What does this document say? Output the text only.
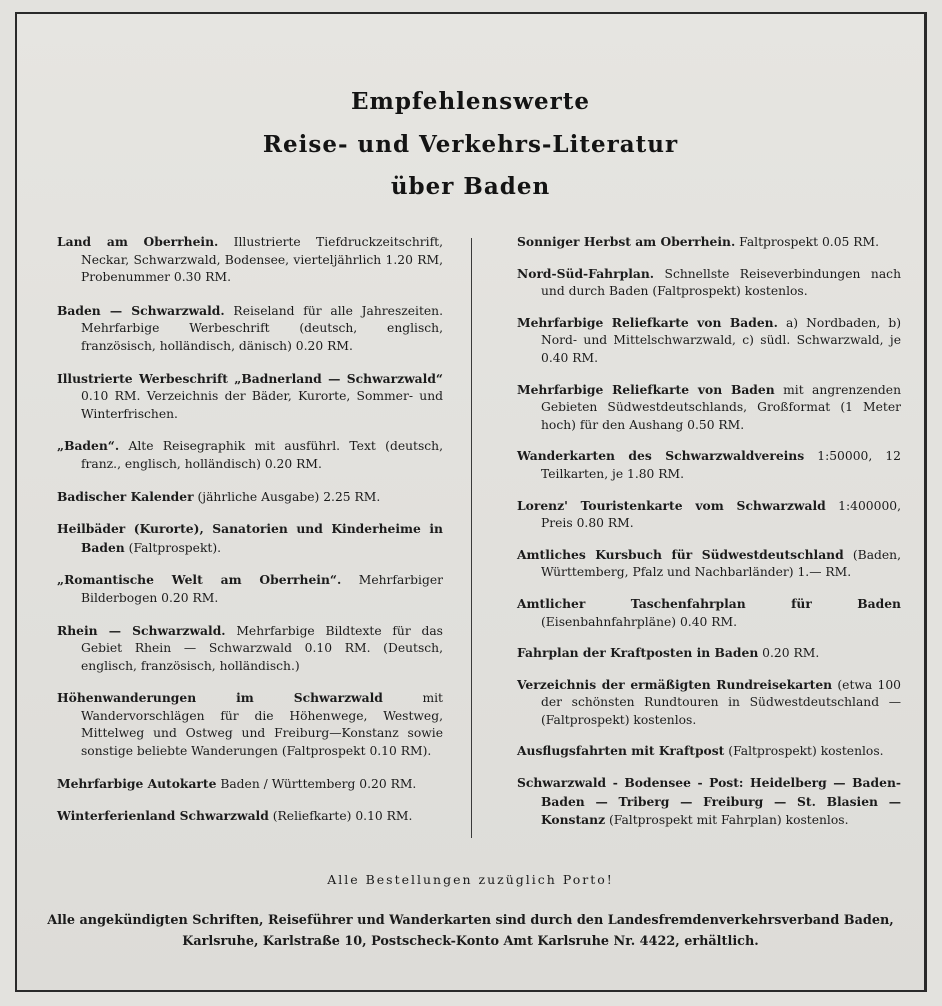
Empfehlenswerte
Reise- und Verkehrs-Literatur
über Baden
Land am Oberrhein. Illustrierte Tiefdruckzeitschrift, Neckar, Schwarzwald, Bodensee, vierteljährlich 1.20 RM, Probenummer 0.30 RM.
Baden — Schwarzwald. Reiseland für alle Jahreszeiten. Mehrfarbige Werbeschrift (deutsch, englisch, französisch, holländisch, dänisch) 0.20 RM.
Illustrierte Werbeschrift „Badnerland — Schwarzwald“ 0.10 RM. Verzeichnis der Bäder, Kurorte, Sommer- und Winterfrischen.
„Baden“. Alte Reisegraphik mit ausführl. Text (deutsch, franz., englisch, holländisch) 0.20 RM.
Badischer Kalender (jährliche Ausgabe) 2.25 RM.
Heilbäder (Kurorte), Sanatorien und Kinderheime in Baden (Faltprospekt).
„Romantische Welt am Oberrhein“. Mehrfarbiger Bilderbogen 0.20 RM.
Rhein — Schwarzwald. Mehrfarbige Bildtexte für das Gebiet Rhein — Schwarzwald 0.10 RM. (Deutsch, englisch, französisch, holländisch.)
Höhenwanderungen im Schwarzwald mit Wandervorschlägen für die Höhenwege, Westweg, Mittelweg und Ostweg und Freiburg—Konstanz sowie sonstige beliebte Wanderungen (Faltprospekt 0.10 RM).
Mehrfarbige Autokarte Baden / Württemberg 0.20 RM.
Winterferienland Schwarzwald (Reliefkarte) 0.10 RM.
Sonniger Herbst am Oberrhein. Faltprospekt 0.05 RM.
Nord-Süd-Fahrplan. Schnellste Reiseverbindungen nach und durch Baden (Faltprospekt) kostenlos.
Mehrfarbige Reliefkarte von Baden. a) Nordbaden, b) Nord- und Mittelschwarzwald, c) südl. Schwarzwald, je 0.40 RM.
Mehrfarbige Reliefkarte von Baden mit angrenzenden Gebieten Südwestdeutschlands, Großformat (1 Meter hoch) für den Aushang 0.50 RM.
Wanderkarten des Schwarzwaldvereins 1:50000, 12 Teilkarten, je 1.80 RM.
Lorenz' Touristenkarte vom Schwarzwald 1:400000, Preis 0.80 RM.
Amtliches Kursbuch für Südwestdeutschland (Baden, Württemberg, Pfalz und Nachbarländer) 1.— RM.
Amtlicher Taschenfahrplan für Baden (Eisenbahnfahrpläne) 0.40 RM.
Fahrplan der Kraftposten in Baden 0.20 RM.
Verzeichnis der ermäßigten Rundreisekarten (etwa 100 der schönsten Rundtouren in Südwestdeutschland — (Faltprospekt) kostenlos.
Ausflugsfahrten mit Kraftpost (Faltprospekt) kostenlos.
Schwarzwald - Bodensee - Post: Heidelberg — Baden-Baden — Triberg — Freiburg — St. Blasien — Konstanz (Faltprospekt mit Fahrplan) kostenlos.
Alle Bestellungen zuzüglich Porto!
Alle angekündigten Schriften, Reiseführer und Wanderkarten sind durch den Landesfremdenverkehrsverband Baden,
Karlsruhe, Karlstraße 10, Postscheck-Konto Amt Karlsruhe Nr. 4422, erhältlich.
